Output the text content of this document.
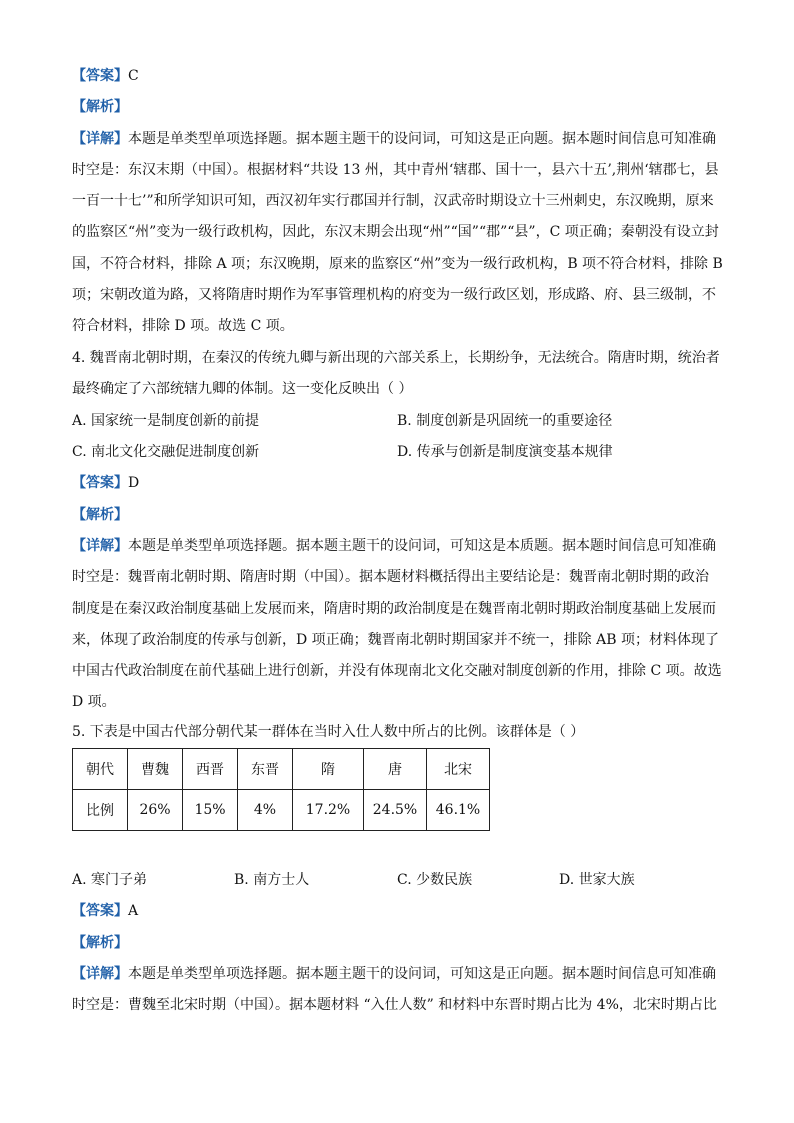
【答案】C
【解析】
【详解】本题是单类型单项选择题。据本题主题干的设问词，可知这是正向题。据本题时间信息可知准确
时空是：东汉末期（中国）。根据材料“共设 13 州，其中青州‘辖郡、国十一，县六十五’,荆州‘辖郡七，县
一百一十七’”和所学知识可知，西汉初年实行郡国并行制，汉武帝时期设立十三州刺史，东汉晚期，原来
的监察区“州”变为一级行政机构，因此，东汉末期会出现“州”“国”“郡”“县”，C 项正确；秦朝没有设立封
国，不符合材料，排除 A 项；东汉晚期，原来的监察区“州”变为一级行政机构，B 项不符合材料，排除 B
项；宋朝改道为路，又将隋唐时期作为军事管理机构的府变为一级行政区划，形成路、府、县三级制，不
符合材料，排除 D 项。故选 C 项。
4. 魏晋南北朝时期，在秦汉的传统九卿与新出现的六部关系上，长期纷争，无法统合。隋唐时期，统治者
最终确定了六部统辖九卿的体制。这一变化反映出（ ）
A. 国家统一是制度创新的前提	B. 制度创新是巩固统一的重要途径
C. 南北文化交融促进制度创新	D. 传承与创新是制度演变基本规律
【答案】D
【解析】
【详解】本题是单类型单项选择题。据本题主题干的设问词，可知这是本质题。据本题时间信息可知准确
时空是：魏晋南北朝时期、隋唐时期（中国）。据本题材料概括得出主要结论是：魏晋南北朝时期的政治
制度是在秦汉政治制度基础上发展而来，隋唐时期的政治制度是在魏晋南北朝时期政治制度基础上发展而
来，体现了政治制度的传承与创新，D 项正确；魏晋南北朝时期国家并不统一，排除 AB 项；材料体现了
中国古代政治制度在前代基础上进行创新，并没有体现南北文化交融对制度创新的作用，排除 C 项。故选
D 项。
5. 下表是中国古代部分朝代某一群体在当时入仕人数中所占的比例。该群体是（ ）
朝代	曹魏	西晋	东晋	隋	唐	北宋
比例	26%	15%	4%	17.2%	24.5%	46.1%
A. 寒门子弟	B. 南方士人	C. 少数民族	D. 世家大族
【答案】A
【解析】
【详解】本题是单类型单项选择题。据本题主题干的设问词，可知这是正向题。据本题时间信息可知准确
时空是：曹魏至北宋时期（中国）。据本题材料 “入仕人数” 和材料中东晋时期占比为 4%，北宋时期占比
